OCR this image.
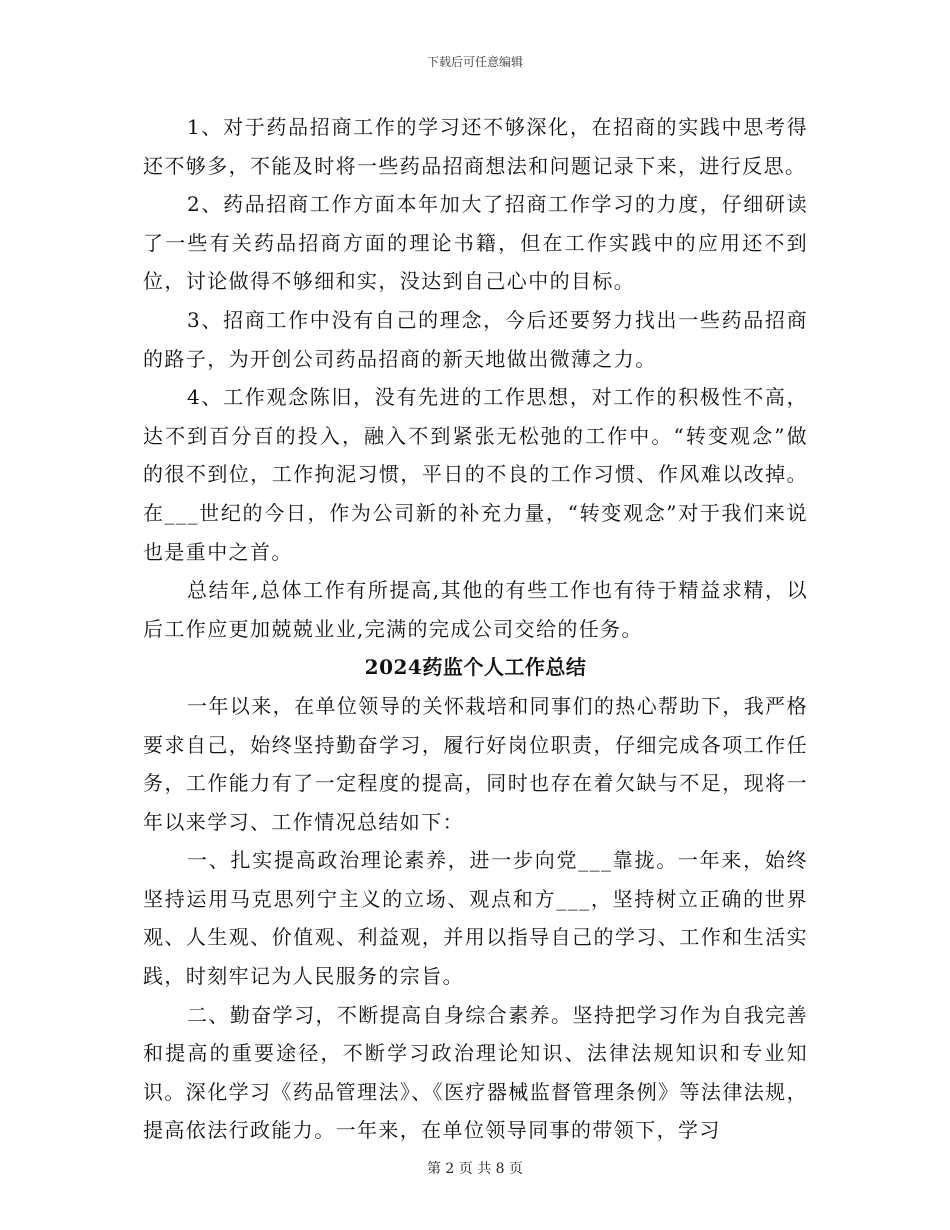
下载后可任意编辑

1、对于药品招商工作的学习还不够深化，在招商的实践中思考得还不够多，不能及时将一些药品招商想法和问题记录下来，进行反思。

2、药品招商工作方面本年加大了招商工作学习的力度，仔细研读了一些有关药品招商方面的理论书籍，但在工作实践中的应用还不到位，讨论做得不够细和实，没达到自己心中的目标。

3、招商工作中没有自己的理念，今后还要努力找出一些药品招商的路子，为开创公司药品招商的新天地做出微薄之力。

4、工作观念陈旧，没有先进的工作思想，对工作的积极性不高，达不到百分百的投入，融入不到紧张无松弛的工作中。“转变观念”做的很不到位，工作拘泥习惯，平日的不良的工作习惯、作风难以改掉。在___世纪的今日，作为公司新的补充力量，“转变观念”对于我们来说也是重中之首。

总结年,总体工作有所提高,其他的有些工作也有待于精益求精，以后工作应更加兢兢业业,完满的完成公司交给的任务。

2024药监个人工作总结

一年以来，在单位领导的关怀栽培和同事们的热心帮助下，我严格要求自己，始终坚持勤奋学习，履行好岗位职责，仔细完成各项工作任务，工作能力有了一定程度的提高，同时也存在着欠缺与不足，现将一年以来学习、工作情况总结如下：

一、扎实提高政治理论素养，进一步向党___靠拢。一年来，始终坚持运用马克思列宁主义的立场、观点和方___，坚持树立正确的世界观、人生观、价值观、利益观，并用以指导自己的学习、工作和生活实践，时刻牢记为人民服务的宗旨。

二、勤奋学习，不断提高自身综合素养。坚持把学习作为自我完善和提高的重要途径，不断学习政治理论知识、法律法规知识和专业知识。深化学习《药品管理法》、《医疗器械监督管理条例》等法律法规，提高依法行政能力。一年来，在单位领导同事的带领下，学习

第 2 页 共 8 页
